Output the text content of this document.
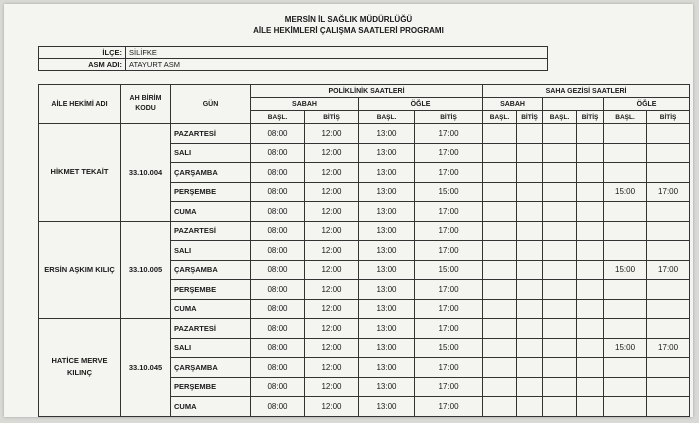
MERSİN İL SAĞLIK MÜDÜRLÜĞÜ
AİLE HEKİMLERİ ÇALIŞMA SAATLERİ PROGRAMI
İLÇE:	SİLİFKE
ASM ADI:	ATAYURT ASM
AİLE HEKİMİ ADI	AH BİRİM KODU	GÜN	POLİKLİNİK SAATLERİ				SAHA GEZİSİ SAATLERİ					
			SABAH		ÖĞLE		SABAH				ÖĞLE	
			BAŞL.	BİTİŞ	BAŞL.	BİTİŞ	BAŞL.	BİTİŞ	BAŞL.	BİTİŞ	BAŞL.	BİTİŞ
HİKMET TEKAİT	33.10.004	PAZARTESİ	08:00	12:00	13:00	17:00						
		SALI	08:00	12:00	13:00	17:00						
		ÇARŞAMBA	08:00	12:00	13:00	17:00						
		PERŞEMBE	08:00	12:00	13:00	15:00					15:00	17:00
		CUMA	08:00	12:00	13:00	17:00						
ERSİN AŞKIM KILIÇ	33.10.005	PAZARTESİ	08:00	12:00	13:00	17:00						
		SALI	08:00	12:00	13:00	17:00						
		ÇARŞAMBA	08:00	12:00	13:00	15:00					15:00	17:00
		PERŞEMBE	08:00	12:00	13:00	17:00						
		CUMA	08:00	12:00	13:00	17:00						
HATİCE MERVE KILINÇ	33.10.045	PAZARTESİ	08:00	12:00	13:00	17:00						
		SALI	08:00	12:00	13:00	15:00					15:00	17:00
		ÇARŞAMBA	08:00	12:00	13:00	17:00						
		PERŞEMBE	08:00	12:00	13:00	17:00						
		CUMA	08:00	12:00	13:00	17:00						
